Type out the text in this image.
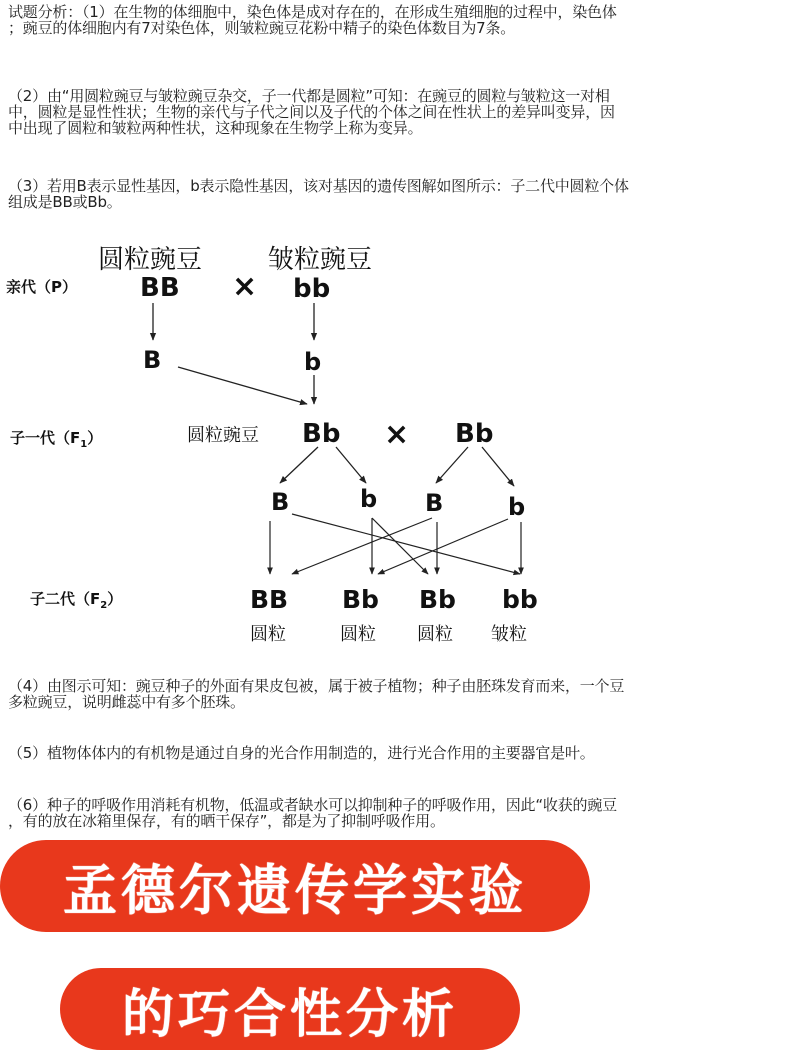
试题分析：（1）在生物的体细胞中，染色体是成对存在的，在形成生殖细胞的过程中，染色体
；豌豆的体细胞内有7对染色体，则皱粒豌豆花粉中精子的染色体数目为7条。
（2）由“用圆粒豌豆与皱粒豌豆杂交，子一代都是圆粒”可知：在豌豆的圆粒与皱粒这一对相
中，圆粒是显性性状；生物的亲代与子代之间以及子代的个体之间在性状上的差异叫变异，因
中出现了圆粒和皱粒两种性状，这种现象在生物学上称为变异。
（3）若用B表示显性基因，b表示隐性基因，该对基因的遗传图解如图所示：子二代中圆粒个体
组成是BB或Bb。
圆粒豌豆	皱粒豌豆
亲代（P） BB × bb
B	b
子一代$(F_1)$	圆粒豌豆 Bb × Bb
B	b B	b
子二代$(F_2)$	BB Bb Bb bb
圆粒	圆粒 圆粒 皱粒
（4）由图示可知：豌豆种子的外面有果皮包被，属于被子植物；种子由胚珠发育而来，一个豆
多粒豌豆，说明雌蕊中有多个胚珠。
（5）植物体体内的有机物是通过自身的光合作用制造的，进行光合作用的主要器官是叶。
（6）种子的呼吸作用消耗有机物，低温或者缺水可以抑制种子的呼吸作用，因此“收获的豌豆
，有的放在冰箱里保存，有的晒干保存”，都是为了抑制呼吸作用。
孟德尔遗传学实验
的巧合性分析
